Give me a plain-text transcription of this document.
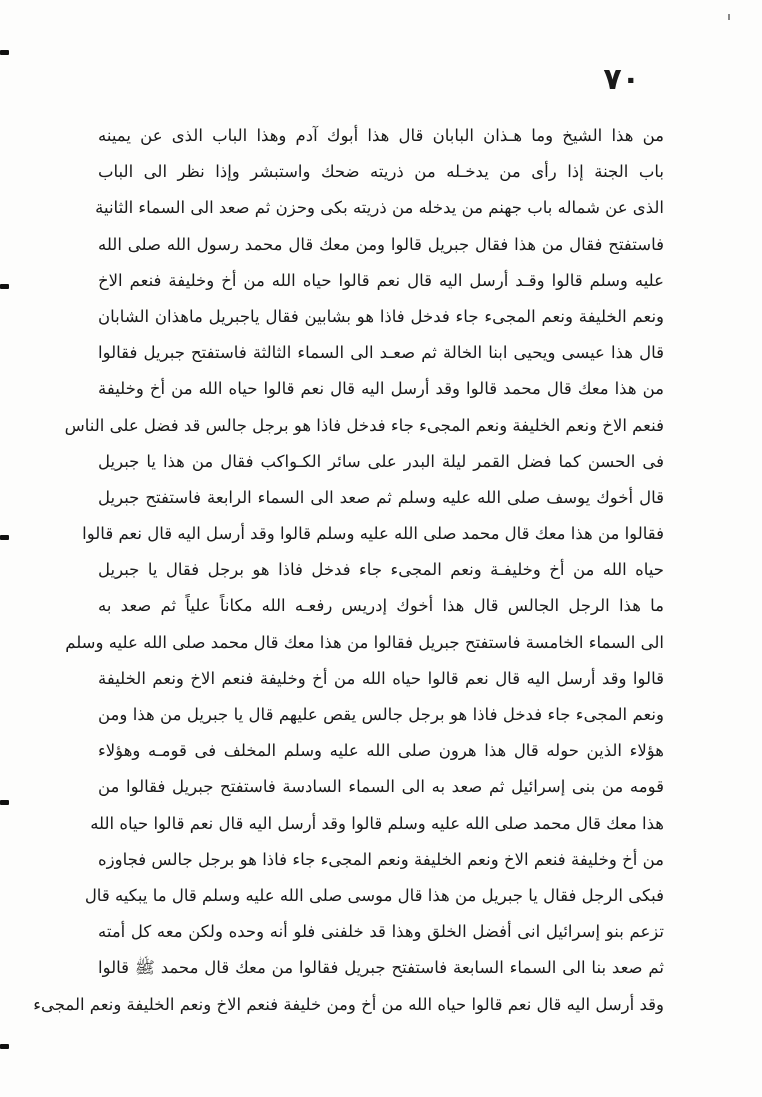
٧٠
من هذا الشيخ وما هـذان البابان قال هذا أبوك آدم وهذا الباب الذى عن يمينه
باب الجنة إذا رأى من يدخـله من ذريته ضحك واستبشر وإذا نظر الى الباب
الذى عن شماله باب جهنم من يدخله من ذريته بكى وحزن ثم صعد الى السماء الثانية
فاستفتح فقال من هذا فقال جبريل قالوا ومن معك قال محمد رسول الله صلى الله
عليه وسلم قالوا وقـد أرسل اليه قال نعم قالوا حياه الله من أخ وخليفة فنعم الاخ
ونعم الخليفة ونعم المجىء جاء فدخل فاذا هو بشابين فقال ياجبريل ماهذان الشابان
قال هذا عيسى ويحيى ابنا الخالة ثم صعـد الى السماء الثالثة فاستفتح جبريل فقالوا
من هذا معك قال محمد قالوا وقد أرسل اليه قال نعم قالوا حياه الله من أخ وخليفة
فنعم الاخ ونعم الخليفة ونعم المجىء جاء فدخل فاذا هو برجل جالس قد فضل على الناس
فى الحسن كما فضل القمر ليلة البدر على سائر الكـواكب فقال من هذا يا جبريل
قال أخوك يوسف صلى الله عليه وسلم ثم صعد الى السماء الرابعة فاستفتح جبريل
فقالوا من هذا معك قال محمد صلى الله عليه وسلم قالوا وقد أرسل اليه قال نعم قالوا
حياه الله من أخ وخليفـة ونعم المجىء جاء فدخل فاذا هو برجل فقال يا جبريل
ما هذا الرجل الجالس قال هذا أخوك إدريس رفعـه الله مكاناً علياً ثم صعد به
الى السماء الخامسة فاستفتح جبريل فقالوا من هذا معك قال محمد صلى الله عليه وسلم
قالوا وقد أرسل اليه قال نعم قالوا حياه الله من أخ وخليفة فنعم الاخ ونعم الخليفة
ونعم المجىء جاء فدخل فاذا هو برجل جالس يقص عليهم قال يا جبريل من هذا ومن
هؤلاء الذين حوله قال هذا هرون صلى الله عليه وسلم المخلف فى قومـه وهؤلاء
قومه من بنى إسرائيل ثم صعد به الى السماء السادسة فاستفتح جبريل فقالوا من
هذا معك قال محمد صلى الله عليه وسلم قالوا وقد أرسل اليه قال نعم قالوا حياه الله
من أخ وخليفة فنعم الاخ ونعم الخليفة ونعم المجىء جاء فاذا هو برجل جالس فجاوزه
فبكى الرجل فقال يا جبريل من هذا قال موسى صلى الله عليه وسلم قال ما يبكيه قال
تزعم بنو إسرائيل انى أفضل الخلق وهذا قد خلفنى فلو أنه وحده ولكن معه كل أمته
ثم صعد بنا الى السماء السابعة فاستفتح جبريل فقالوا من معك قال محمد ﷺ قالوا
وقد أرسل اليه قال نعم قالوا حياه الله من أخ ومن خليفة فنعم الاخ ونعم الخليفة ونعم المجىء
